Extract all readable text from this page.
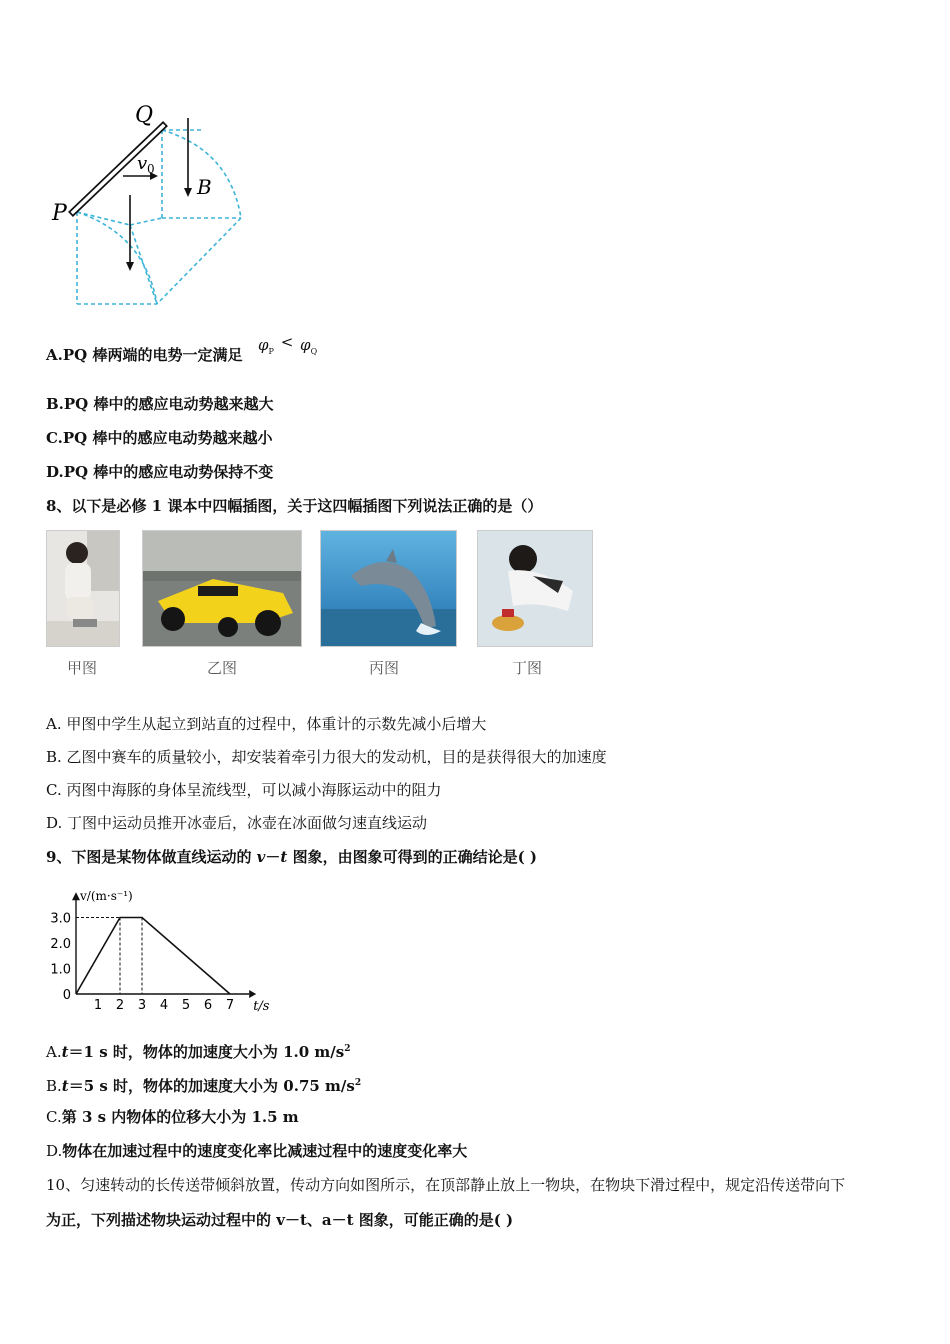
Q
P
v 0
B
A.PQ 棒两端的电势一定满足
$\varphi_P < \varphi_Q$
B.PQ 棒中的感应电动势越来越大
C.PQ 棒中的感应电动势越来越小
D.PQ 棒中的感应电动势保持不变
8、以下是必修 1 课本中四幅插图，关于这四幅插图下列说法正确的是（）
甲图	乙图	丙图	丁图
A. 甲图中学生从起立到站直的过程中，体重计的示数先减小后增大
B. 乙图中赛车的质量较小，却安装着牵引力很大的发动机，目的是获得很大的加速度
C. 丙图中海豚的身体呈流线型，可以减小海豚运动中的阻力
D. 丁图中运动员推开冰壶后，冰壶在冰面做匀速直线运动
9、下图是某物体做直线运动的 v－t 图象，由图象可得到的正确结论是( )
v/(m·s⁻¹)
t/s
0
1.0
2.0
3.0
1 2 3 4 5 6 7
A.t＝1 s 时，物体的加速度大小为 1.0 $m/s^2$
B.t＝5 s 时，物体的加速度大小为 0.75 $m/s^2$
C.第 3 s 内物体的位移大小为 1.5 m
D.物体在加速过程中的速度变化率比减速过程中的速度变化率大
10、匀速转动的长传送带倾斜放置，传动方向如图所示，在顶部静止放上一物块，在物块下滑过程中，规定沿传送带向下
为正，下列描述物块运动过程中的 v－t、a－t 图象，可能正确的是( )
